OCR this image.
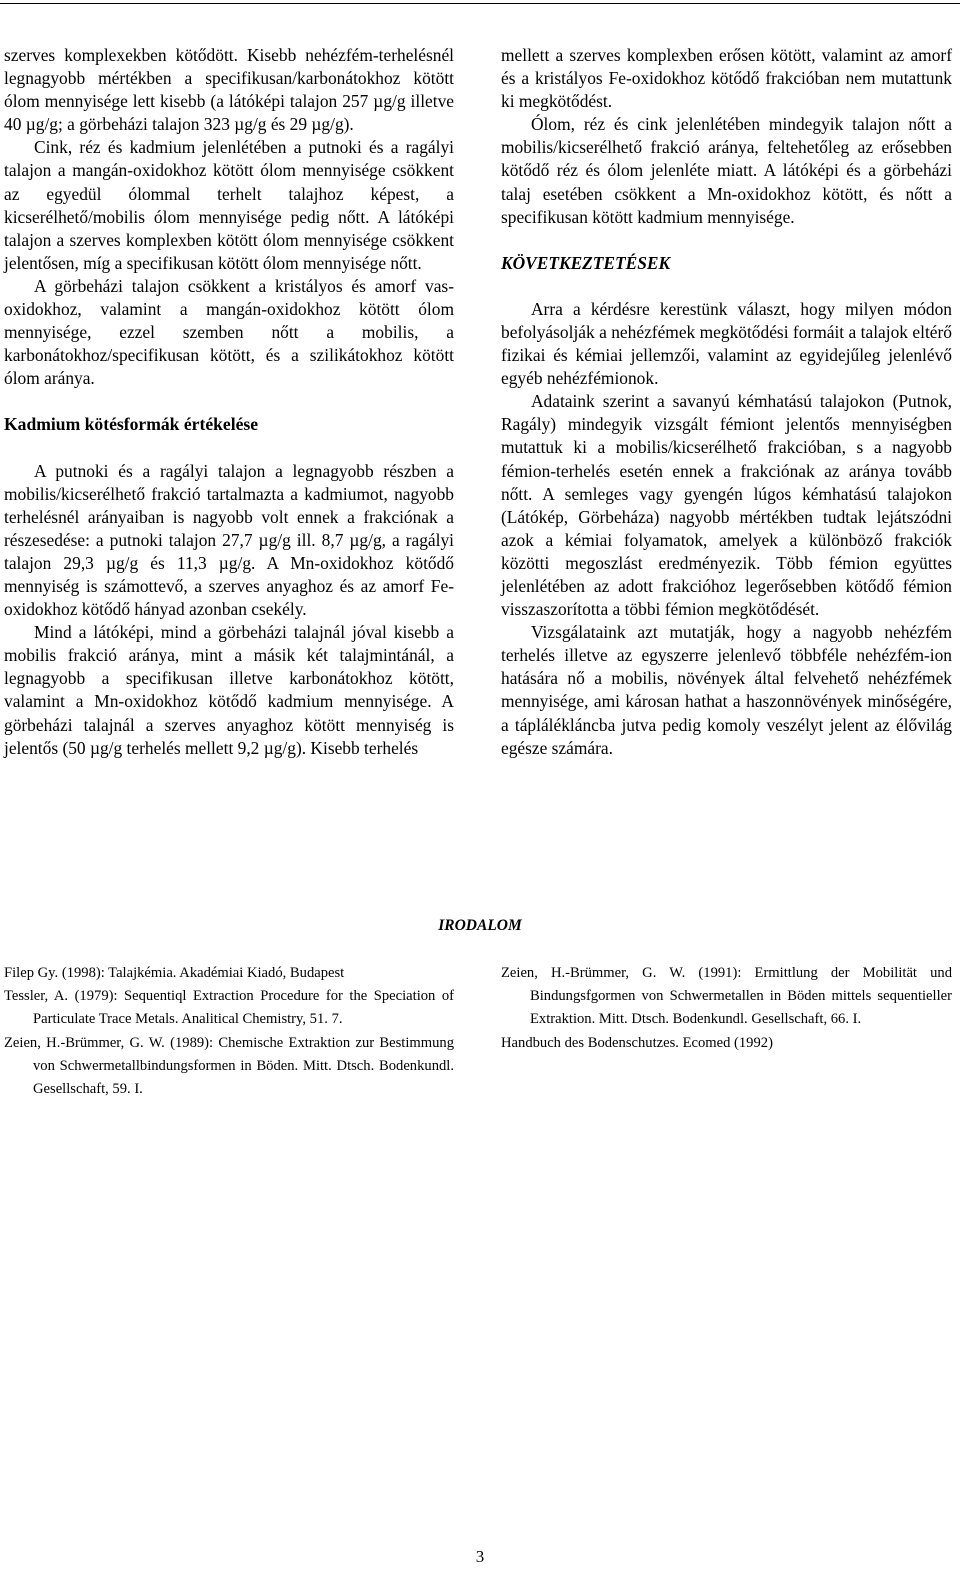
szerves komplexekben kötődött. Kisebb nehézfém-terhelésnél legnagyobb mértékben a specifikusan/karbonátokhoz kötött ólom mennyisége lett kisebb (a látóképi talajon 257 µg/g illetve 40 µg/g; a görbeházi talajon 323 µg/g és 29 µg/g).

Cink, réz és kadmium jelenlétében a putnoki és a ragályi talajon a mangán-oxidokhoz kötött ólom mennyisége csökkent az egyedül ólommal terhelt talajhoz képest, a kicserélhető/mobilis ólom mennyisége pedig nőtt. A látóképi talajon a szerves komplexben kötött ólom mennyisége csökkent jelentősen, míg a specifikusan kötött ólom mennyisége nőtt.

A görbeházi talajon csökkent a kristályos és amorf vas-oxidokhoz, valamint a mangán-oxidokhoz kötött ólom mennyisége, ezzel szemben nőtt a mobilis, a karbonátokhoz/specifikusan kötött, és a szilikátokhoz kötött ólom aránya.

Kadmium kötésformák értékelése

A putnoki és a ragályi talajon a legnagyobb részben a mobilis/kicserélhető frakció tartalmazta a kadmiumot, nagyobb terhelésnél arányaiban is nagyobb volt ennek a frakciónak a részesedése: a putnoki talajon 27,7 µg/g ill. 8,7 µg/g, a ragályi talajon 29,3 µg/g és 11,3 µg/g. A Mn-oxidokhoz kötődő mennyiség is számottevő, a szerves anyaghoz és az amorf Fe-oxidokhoz kötődő hányad azonban csekély.

Mind a látóképi, mind a görbeházi talajnál jóval kisebb a mobilis frakció aránya, mint a másik két talajmintánál, a legnagyobb a specifikusan illetve karbonátokhoz kötött, valamint a Mn-oxidokhoz kötődő kadmium mennyisége. A görbeházi talajnál a szerves anyaghoz kötött mennyiség is jelentős (50 µg/g terhelés mellett 9,2 µg/g). Kisebb terhelés

mellett a szerves komplexben erősen kötött, valamint az amorf és a kristályos Fe-oxidokhoz kötődő frakcióban nem mutattunk ki megkötődést.

Ólom, réz és cink jelenlétében mindegyik talajon nőtt a mobilis/kicserélhető frakció aránya, feltehetőleg az erősebben kötődő réz és ólom jelenléte miatt. A látóképi és a görbeházi talaj esetében csökkent a Mn-oxidokhoz kötött, és nőtt a specifikusan kötött kadmium mennyisége.

KÖVETKEZTETÉSEK

Arra a kérdésre kerestünk választ, hogy milyen módon befolyásolják a nehézfémek megkötődési formáit a talajok eltérő fizikai és kémiai jellemzői, valamint az egyidejűleg jelenlévő egyéb nehézfémionok.

Adataink szerint a savanyú kémhatású talajokon (Putnok, Ragály) mindegyik vizsgált fémiont jelentős mennyiségben mutattuk ki a mobilis/kicserélhető frakcióban, s a nagyobb fémion-terhelés esetén ennek a frakciónak az aránya tovább nőtt. A semleges vagy gyengén lúgos kémhatású talajokon (Látókép, Görbeháza) nagyobb mértékben tudtak lejátszódni azok a kémiai folyamatok, amelyek a különböző frakciók közötti megoszlást eredményezik. Több fémion együttes jelenlétében az adott frakcióhoz legerősebben kötődő fémion visszaszorította a többi fémion megkötődését.

Vizsgálataink azt mutatják, hogy a nagyobb nehézfém terhelés illetve az egyszerre jelenlevő többféle nehézfém-ion hatására nő a mobilis, növények által felvehető nehézfémek mennyisége, ami károsan hathat a haszonnövények minőségére, a táplálékláncba jutva pedig komoly veszélyt jelent az élővilág egésze számára.

IRODALOM

Filep Gy. (1998): Talajkémia. Akadémiai Kiadó, Budapest

Tessler, A. (1979): Sequentiql Extraction Procedure for the Speciation of Particulate Trace Metals. Analitical Chemistry, 51. 7.

Zeien, H.-Brümmer, G. W. (1989): Chemische Extraktion zur Bestimmung von Schwermetallbindungsformen in Böden. Mitt. Dtsch. Bodenkundl. Gesellschaft, 59. I.

Zeien, H.-Brümmer, G. W. (1991): Ermittlung der Mobilität und Bindungsfgormen von Schwermetallen in Böden mittels sequentieller Extraktion. Mitt. Dtsch. Bodenkundl. Gesellschaft, 66. I.

Handbuch des Bodenschutzes. Ecomed (1992)

3
